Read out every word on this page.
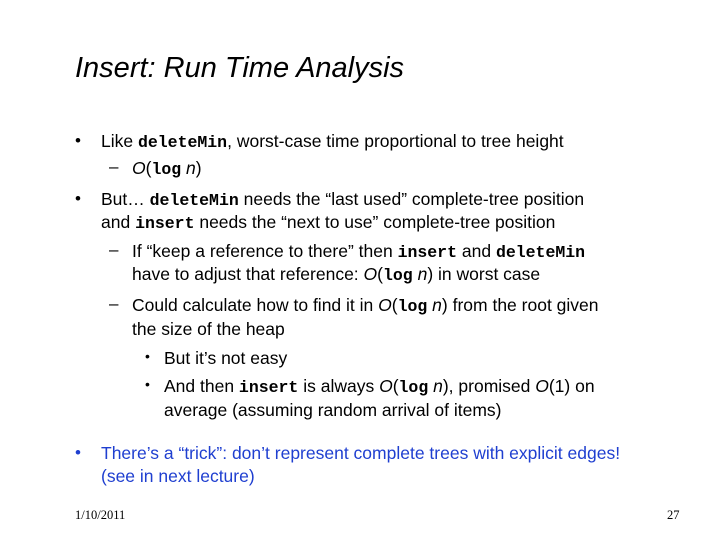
Insert: Run Time Analysis
• Like deleteMin, worst-case time proportional to tree height
– O(log n)
• But… deleteMin needs the “last used” complete-tree position
and insert needs the “next to use” complete-tree position
– If “keep a reference to there” then insert and deleteMin
have to adjust that reference: O(log n) in worst case
– Could calculate how to find it in O(log n) from the root given
the size of the heap
• But it’s not easy
• And then insert is always O(log n), promised O(1) on
average (assuming random arrival of items)
• There’s a “trick”: don’t represent complete trees with explicit edges!
(see in next lecture)
1/10/2011	27
